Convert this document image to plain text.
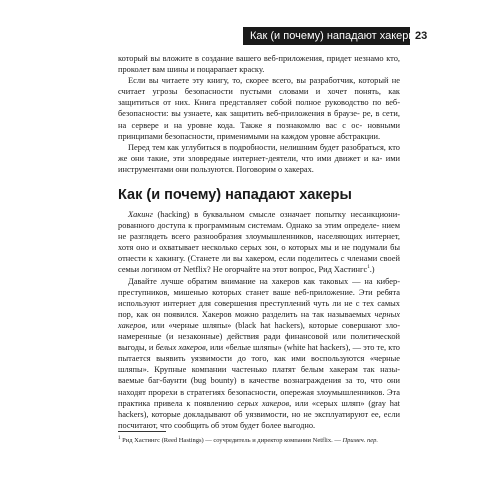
Как (и почему) нападают хакеры
23

который вы вложите в создание вашего веб-приложения, придет незнамо кто, проколет вам шины и поцарапает краску.

Если вы читаете эту книгу, то, скорее всего, вы разработчик, который не считает угрозы безопасности пустыми словами и хочет понять, как защититься от них. Книга представляет собой полное руководство по веб-безопасности: вы узнаете, как защитить веб-приложения в браузе- ре, в сети, на сервере и на уровне кода. Также я познакомлю вас с ос- новными принципами безопасности, применимыми на каждом уровне абстракции.

Перед тем как углубиться в подробности, нелишним будет разобраться, кто же они такие, эти зловредные интернет-деятели, что ими движет и ка- ими инструментами они пользуются. Поговорим о хакерах.

Как (и почему) нападают хакеры

Хакинг (hacking) в буквальном смысле означает попытку несанкциони- рованного доступа к программным системам. Однако за этим определе- нием не разглядеть всего разнообразия злоумышленников, населяющих интернет, хотя оно и охватывает несколько серых зон, о которых мы и не подумали бы отнести к хакингу. (Станете ли вы хакером, если поделитесь с членами своей семьи логином от Netflix? Не огорчайте на этот вопрос, Рид Хастингс$^1$.)

Давайте лучше обратим внимание на хакеров как таковых — на кибер- преступников, мишенью которых станет ваше веб-приложение. Эти ребята используют интернет для совершения преступлений чуть ли не с тех самых пор, как он появился. Хакеров можно разделить на так называемых черных хакеров, или «черные шляпы» (black hat hackers), которые совершают зло- намеренные (и незаконные) действия ради финансовой или политической выгоды, и белых хакеров, или «белые шляпы» (white hat hackers), — это те, кто пытается выявить уязвимости до того, как ими воспользуются «черные шляпы». Крупные компании частенько платят белым хакерам так назы- ваемые баг-баунти (bug bounty) в качестве вознаграждения за то, что они находят прорехи в стратегиях безопасности, опережая злоумышленников. Эта практика привела к появлению серых хакеров, или «серых шляп» (gray hat hackers), которые докладывают об уязвимости, но не эксплуатируют ее, если посчитают, что сообщить об этом будет более выгодно.

$^1$ Рид Хастингс (Reed Hastings) — соучредитель и директор компании Netflix. — Примеч. пер.
